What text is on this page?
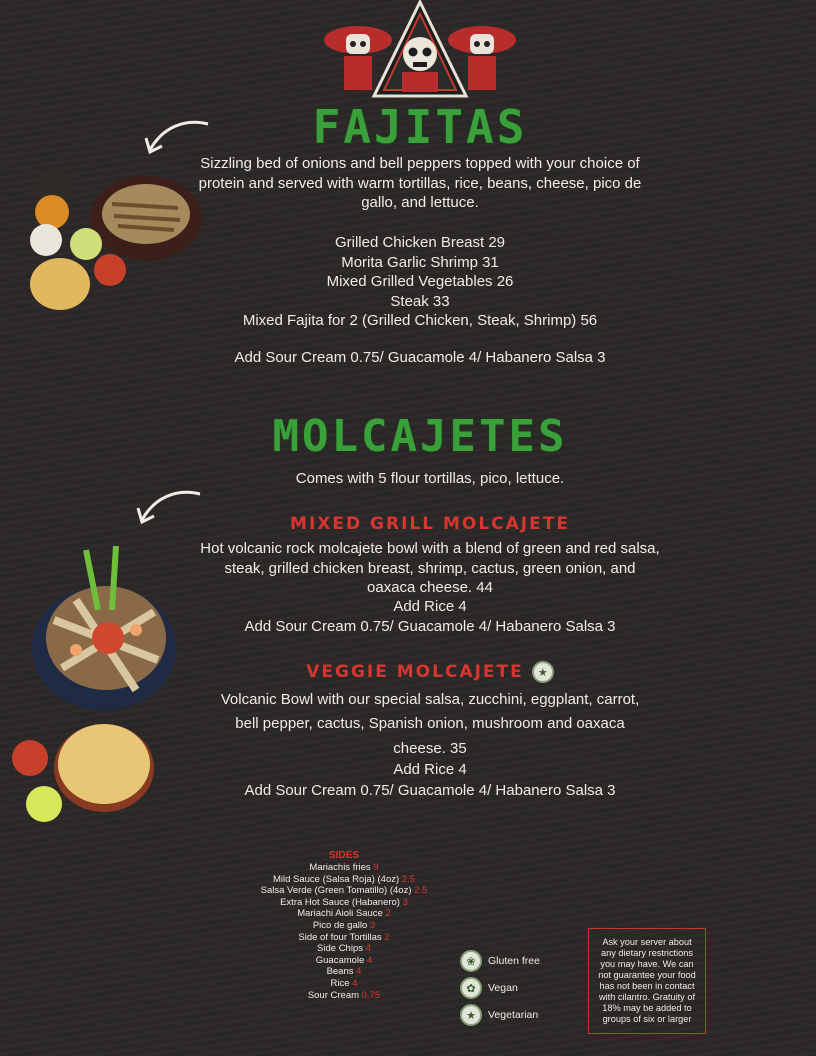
FAJITAS
Sizzling bed of onions and bell peppers topped with your choice of protein and served with warm tortillas, rice, beans, cheese, pico de gallo, and lettuce.
Grilled Chicken Breast 29
Morita Garlic Shrimp 31
Mixed Grilled Vegetables 26
Steak 33
Mixed Fajita for 2 (Grilled Chicken, Steak, Shrimp) 56
Add Sour Cream 0.75/ Guacamole 4/ Habanero Salsa 3
MOLCAJETES
Comes with 5 flour tortillas, pico, lettuce.
MIXED GRILL MOLCAJETE
Hot volcanic rock molcajete bowl with a blend of green and red salsa, steak, grilled chicken breast, shrimp, cactus, green onion, and oaxaca cheese. 44
Add Rice 4
Add Sour Cream 0.75/ Guacamole 4/ Habanero Salsa 3
VEGGIE MOLCAJETE	★
Volcanic Bowl with our special salsa, zucchini, eggplant, carrot,
bell pepper, cactus, Spanish onion, mushroom and oaxaca
cheese. 35
Add Rice 4
Add Sour Cream 0.75/ Guacamole 4/ Habanero Salsa 3
SIDES
Mariachis fries 9
Mild Sauce (Salsa Roja) (4oz) 2.5
Salsa Verde (Green Tomatillo) (4oz) 2.5
Extra Hot Sauce (Habanero) 3
Mariachi Aioli Sauce 2
Pico de gallo 3
Side of four Tortillas 2
Side Chips 4
Guacamole 4
Beans 4
Rice 4
Sour Cream 0.75
❀	Gluten free
✿	Vegan
★	Vegetarian
Ask your server about any dietary restrictions you may have. We can not guarantee your food has not been in contact with cilantro. Gratuity of 18% may be added to groups of six or larger
